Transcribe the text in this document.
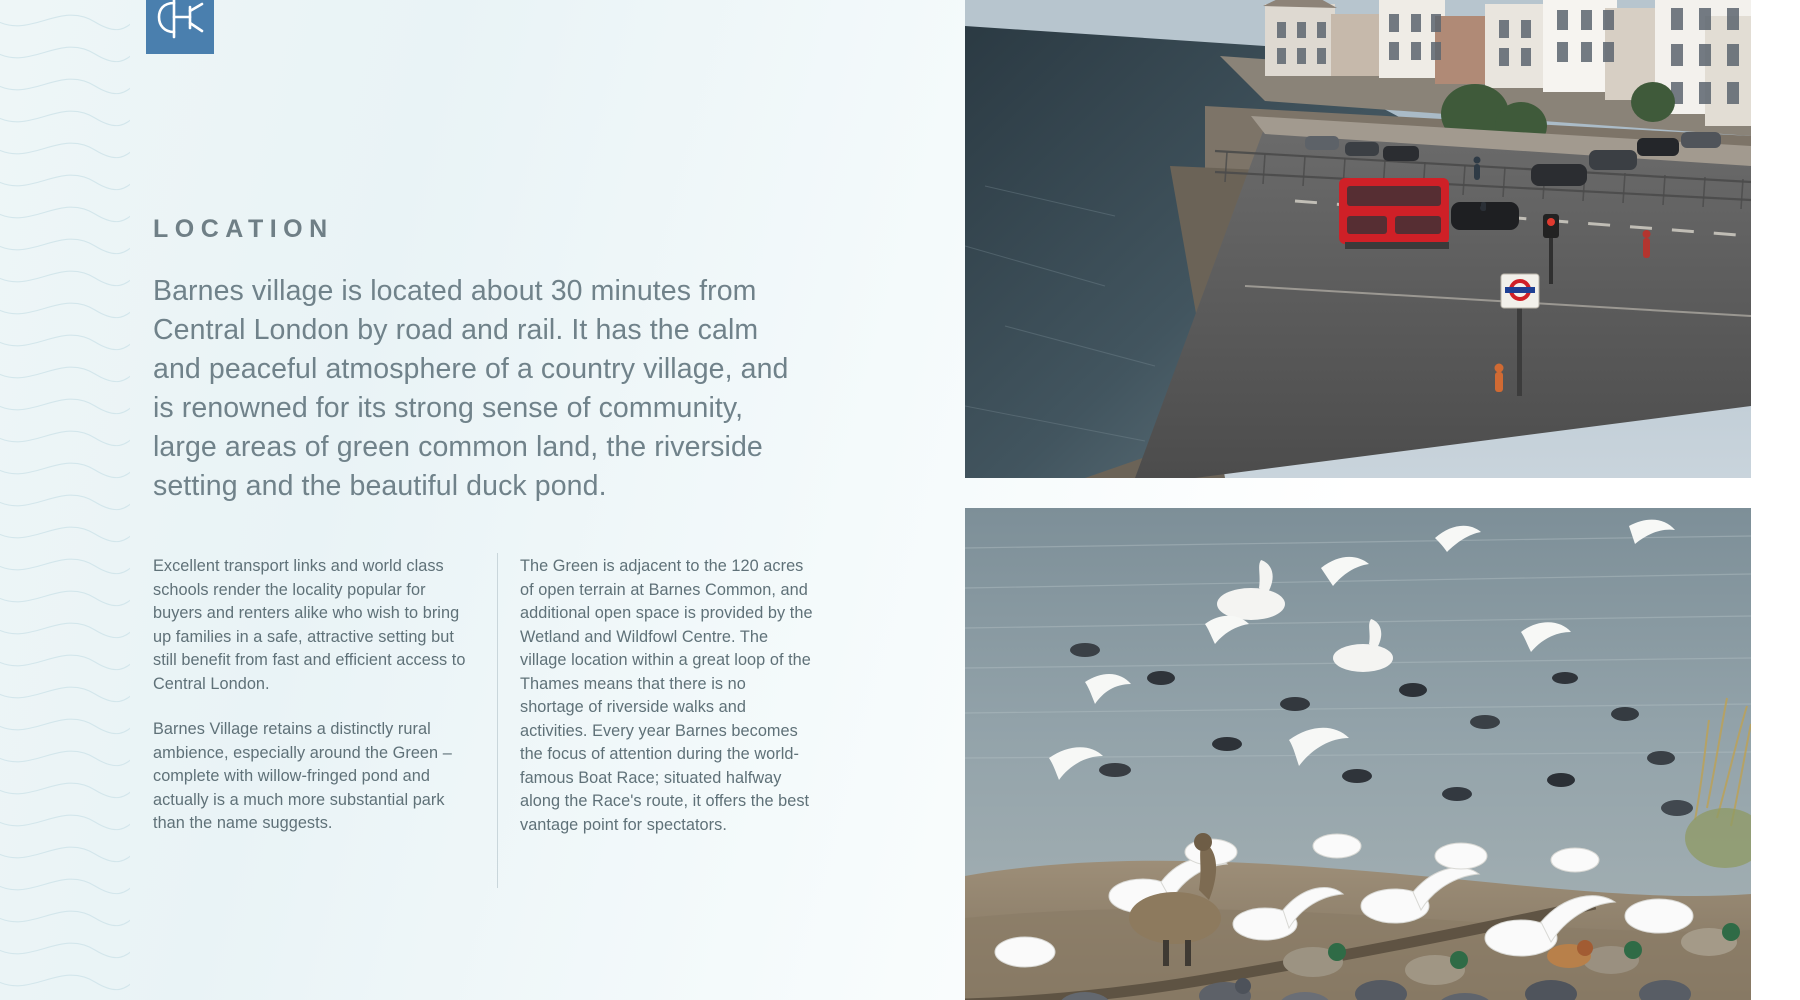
LOCATION
Barnes village is located about 30 minutes from Central London by road and rail. It has the calm and peaceful atmosphere of a country village, and is renowned for its strong sense of community, large areas of green common land, the riverside setting and the beautiful duck pond.

Excellent transport links and world class schools render the locality popular for buyers and renters alike who wish to bring up families in a safe, attractive setting but still benefit from fast and efficient access to Central London.

Barnes Village retains a distinctly rural ambience, especially around the Green – complete with willow-fringed pond and actually is a much more substantial park than the name suggests.

The Green is adjacent to the 120 acres of open terrain at Barnes Common, and additional open space is provided by the Wetland and Wildfowl Centre. The village location within a great loop of the Thames means that there is no shortage of riverside walks and activities. Every year Barnes becomes the focus of attention during the world-famous Boat Race; situated halfway along the Race's route, it offers the best vantage point for spectators.
